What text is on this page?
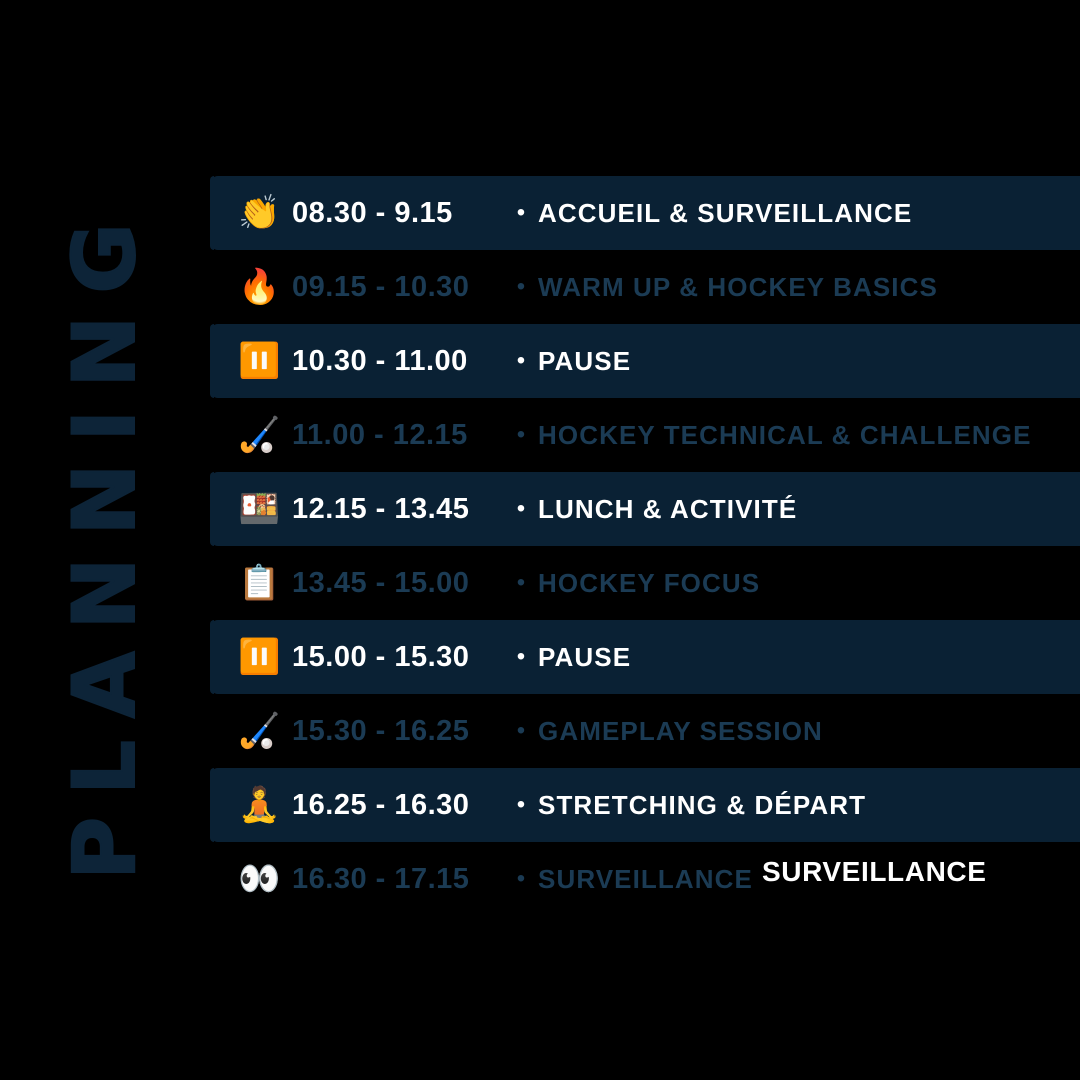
PLANNING 👏 08.30 - 9.15	• ACCUEIL & SURVEILLANCE
🔥 09.15 - 10.30	• WARM UP & HOCKEY BASICS
⏸️ 10.30 - 11.00	• PAUSE
🏑 11.00 - 12.15	• HOCKEY TECHNICAL & CHALLENGE
🍱 12.15 - 13.45	• LUNCH & ACTIVITÉ
📋 13.45 - 15.00	• HOCKEY FOCUS
⏸️ 15.00 - 15.30	• PAUSE
🏑 15.30 - 16.25	• GAMEPLAY SESSION
🧘 16.25 - 16.30	• STRETCHING & DÉPART
👀 16.30 - 17.15	• SURVEILLANCE SURVEILLANCE
